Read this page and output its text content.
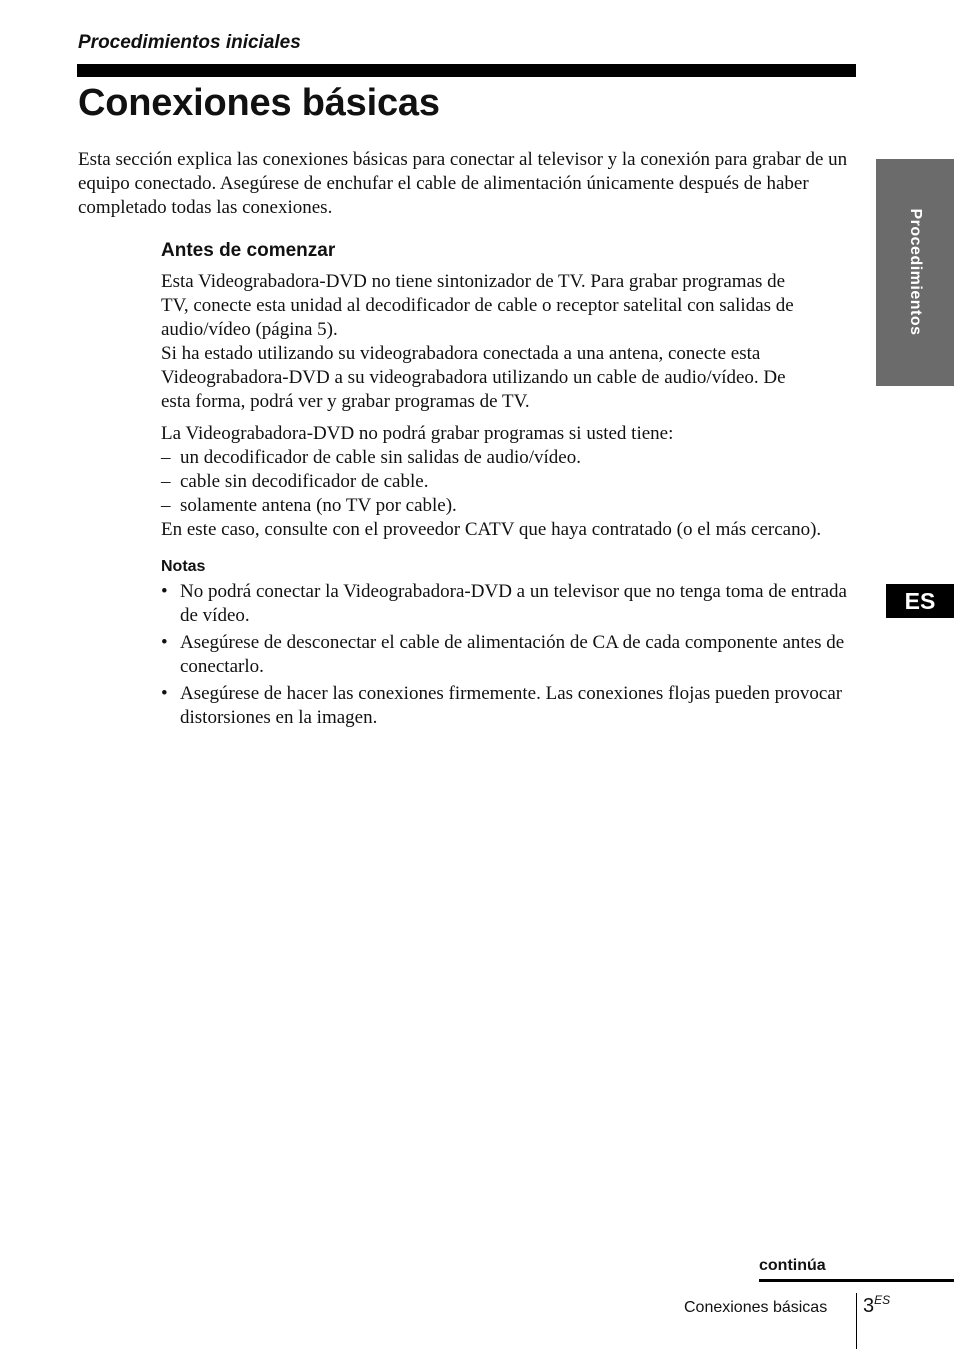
Procedimientos iniciales
Conexiones básicas

Esta sección explica las conexiones básicas para conectar al televisor y la conexión para grabar de un equipo conectado. Asegúrese de enchufar el cable de alimentación únicamente después de haber completado todas las conexiones.

Antes de comenzar
Esta Videograbadora-DVD no tiene sintonizador de TV. Para grabar programas de
TV, conecte esta unidad al decodificador de cable o receptor satelital con salidas de
audio/vídeo (página 5).
Si ha estado utilizando su videograbadora conectada a una antena, conecte esta
Videograbadora-DVD a su videograbadora utilizando un cable de audio/vídeo. De
esta forma, podrá ver y grabar programas de TV.

La Videograbadora-DVD no podrá grabar programas si usted tiene:

– un decodificador de cable sin salidas de audio/vídeo.
– cable sin decodificador de cable.
– solamente antena (no TV por cable).

En este caso, consulte con el proveedor CATV que haya contratado (o el más cercano).

Notas
• No podrá conectar la Videograbadora-DVD a un televisor que no tenga toma de entrada de vídeo.
• Asegúrese de desconectar el cable de alimentación de CA de cada componente antes de conectarlo.
• Asegúrese de hacer las conexiones firmemente. Las conexiones flojas pueden provocar distorsiones en la imagen.
Procedimientos
ES
continúa
Conexiones básicas $3^{ES}$
